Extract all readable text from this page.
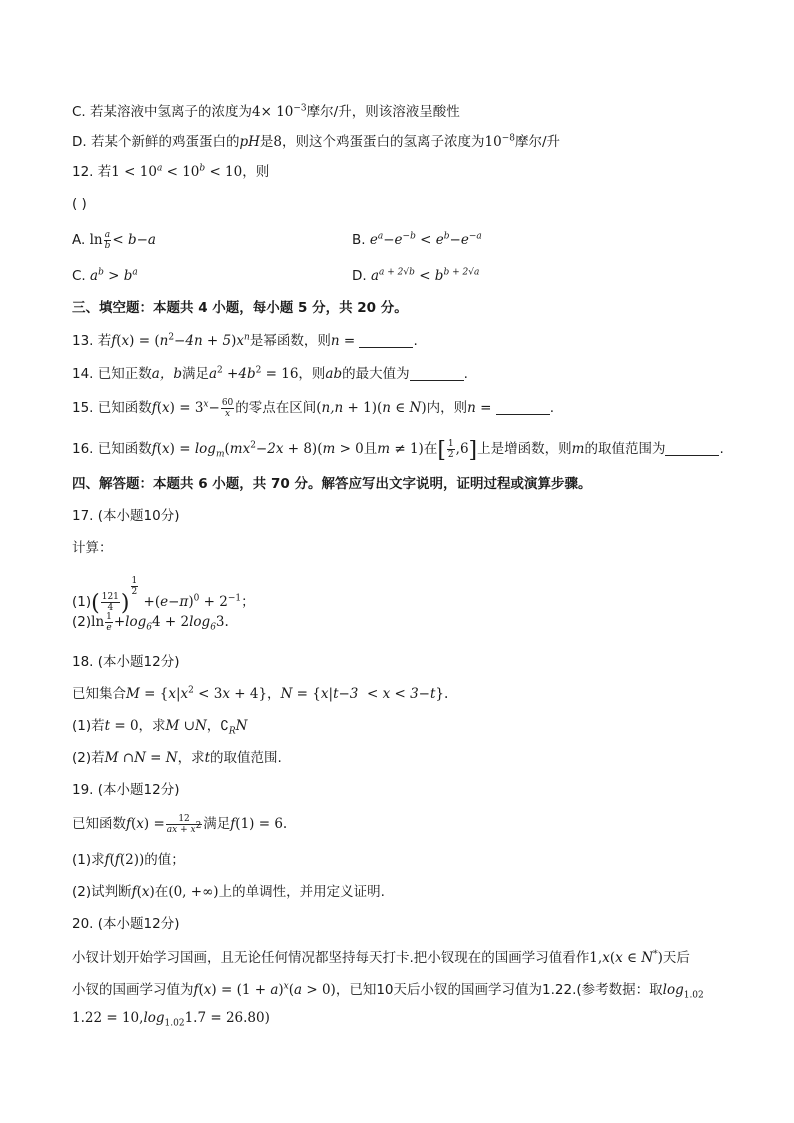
C. 若某溶液中氢离子的浓度为$4\times 10^{-3}$摩尔/升，则该溶液呈酸性
D. 若某个新鲜的鸡蛋蛋白的pH是8，则这个鸡蛋蛋白的氢离子浓度为$10^{-8}$摩尔/升
12. 若$1 < 10^a < 10^b < 10$，则
( )
A. $\ln \frac{a}{b} < b-a$	B. $e^a-e^{-b} < e^b-e^{-a}$
C. $a^b > b^a$	D. $a^{a + 2√b} < b^{b + 2√a}$
三、填空题：本题共 4 小题，每小题 5 分，共 20 分。
13. 若$f(x) = (n^2-4n + 5)x^n$是幂函数，则n =	.
14. 已知正数a，b满足$a^2 +4b^2 = 16$，则ab的最大值为	.
15. 已知函数$f(x) = 3^x- \frac{60}{x}$ 的零点在区间(n,n + 1)(n ∈ N)内，则n =	.
16. 已知函数$f(x) = \log_m(mx^2-2x + 8)(m > 0$且m ≠ 1)在[ $\frac{1}{2} ,6$]上是增函数，则m的取值范围为	.
四、解答题：本题共 6 小题，共 70 分。解答应写出文字说明，证明过程或演算步骤。
17. (本小题10分)
计算：
$(1)( \frac{121}{4}$ )
$^{\frac{1}{2}}$
$+(e-\pi)^0 + 2^{-1}$；
$(2)\ln \frac{1}{e} +\log_64 + 2\log_63$.
18. (本小题12分)
已知集合$M = \{x|x^2 < 3x + 4\}$，N = {x|t−3  < x < 3−t}.
(1)若t = 0，求M ∪N，$∁_RN$
(2)若M ∩N = N，求t的取值范围.
19. (本小题12分)
已知函数$f(x) = \frac{12}{ax + x^2}$ 满足f(1) = 6.
(1)求f(f(2))的值；
(2)试判断f(x)在(0, +∞)上的单调性，并用定义证明.
20. (本小题12分)
小钗计划开始学习国画，且无论任何情况都坚持每天打卡.把小钗现在的国画学习值看作1,x(x ∈ N*)天后
小钗的国画学习值为$f(x) = (1 + a)^x(a > 0)$，已知10天后小钗的国画学习值为1.22.(参考数据：取$\log_{1.02}$
$1.22 = 10,\log_{1.02}1.7 = 26.80$)
